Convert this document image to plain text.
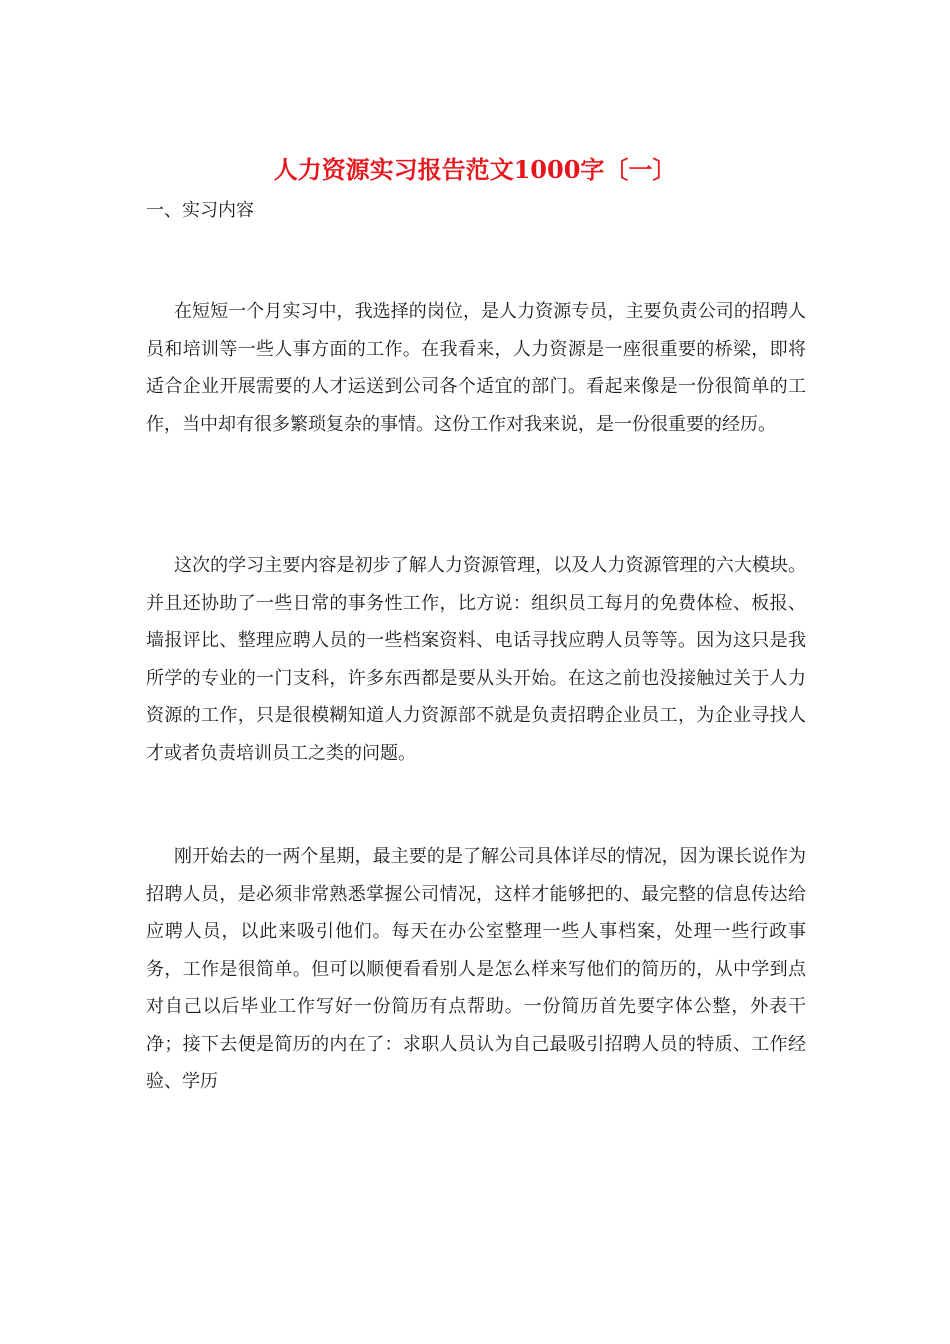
人力资源实习报告范文1000字〔一〕

一、实习内容

在短短一个月实习中，我选择的岗位，是人力资源专员，主要负责公司的招聘人员和培训等一些人事方面的工作。在我看来，人力资源是一座很重要的桥梁，即将适合企业开展需要的人才运送到公司各个适宜的部门。看起来像是一份很简单的工作，当中却有很多繁琐复杂的事情。这份工作对我来说，是一份很重要的经历。

这次的学习主要内容是初步了解人力资源管理，以及人力资源管理的六大模块。并且还协助了一些日常的事务性工作，比方说：组织员工每月的免费体检、板报、墙报评比、整理应聘人员的一些档案资料、电话寻找应聘人员等等。因为这只是我所学的专业的一门支科，许多东西都是要从头开始。在这之前也没接触过关于人力资源的工作，只是很模糊知道人力资源部不就是负责招聘企业员工，为企业寻找人才或者负责培训员工之类的问题。

刚开始去的一两个星期，最主要的是了解公司具体详尽的情况，因为课长说作为招聘人员，是必须非常熟悉掌握公司情况，这样才能够把的、最完整的信息传达给应聘人员，以此来吸引他们。每天在办公室整理一些人事档案，处理一些行政事务，工作是很简单。但可以顺便看看别人是怎么样来写他们的简历的，从中学到点对自己以后毕业工作写好一份简历有点帮助。一份简历首先要字体公整，外表干净；接下去便是简历的内在了：求职人员认为自己最吸引招聘人员的特质、工作经验、学历
